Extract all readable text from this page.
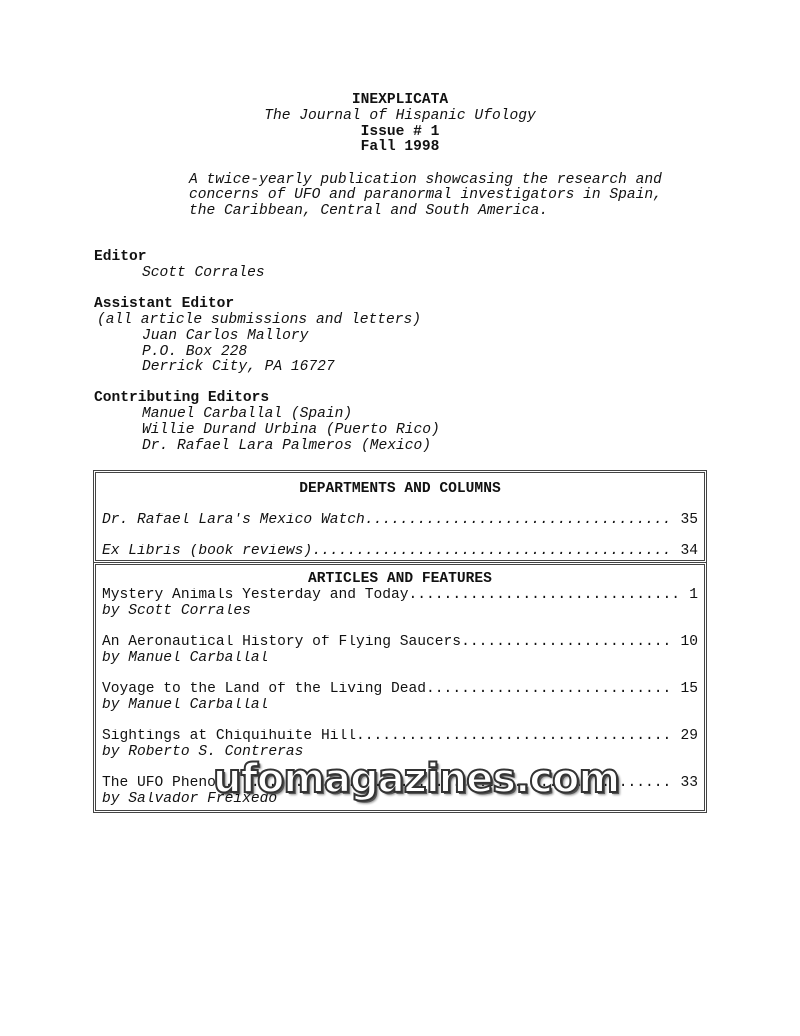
INEXPLICATA
The Journal of Hispanic Ufology
Issue # 1
Fall 1998
A twice-yearly publication showcasing the research and
concerns of UFO and paranormal investigators in Spain,
the Caribbean, Central and South America.
Editor
Scott Corrales
Assistant Editor
(all article submissions and letters)
Juan Carlos Mallory
P.O. Box 228
Derrick City, PA 16727
Contributing Editors
Manuel Carballal (Spain)
Willie Durand Urbina (Puerto Rico)
Dr. Rafael Lara Palmeros (Mexico)
DEPARTMENTS AND COLUMNS
Dr. Rafael Lara's Mexico Watch .....	35
Ex Libris (book reviews) .....	34
ARTICLES AND FEATURES
Mystery Animals Yesterday and Today .....	1
by Scott Corrales
An Aeronautical History of Flying Saucers .....	10
by Manuel Carballal
Voyage to the Land of the Living Dead .....	15
by Manuel Carballal
Sightings at Chiquihuite Hill .....	29
by Roberto S. Contreras
The UFO Phenom .....	33
by Salvador Freixedo
ufomagazines.com
